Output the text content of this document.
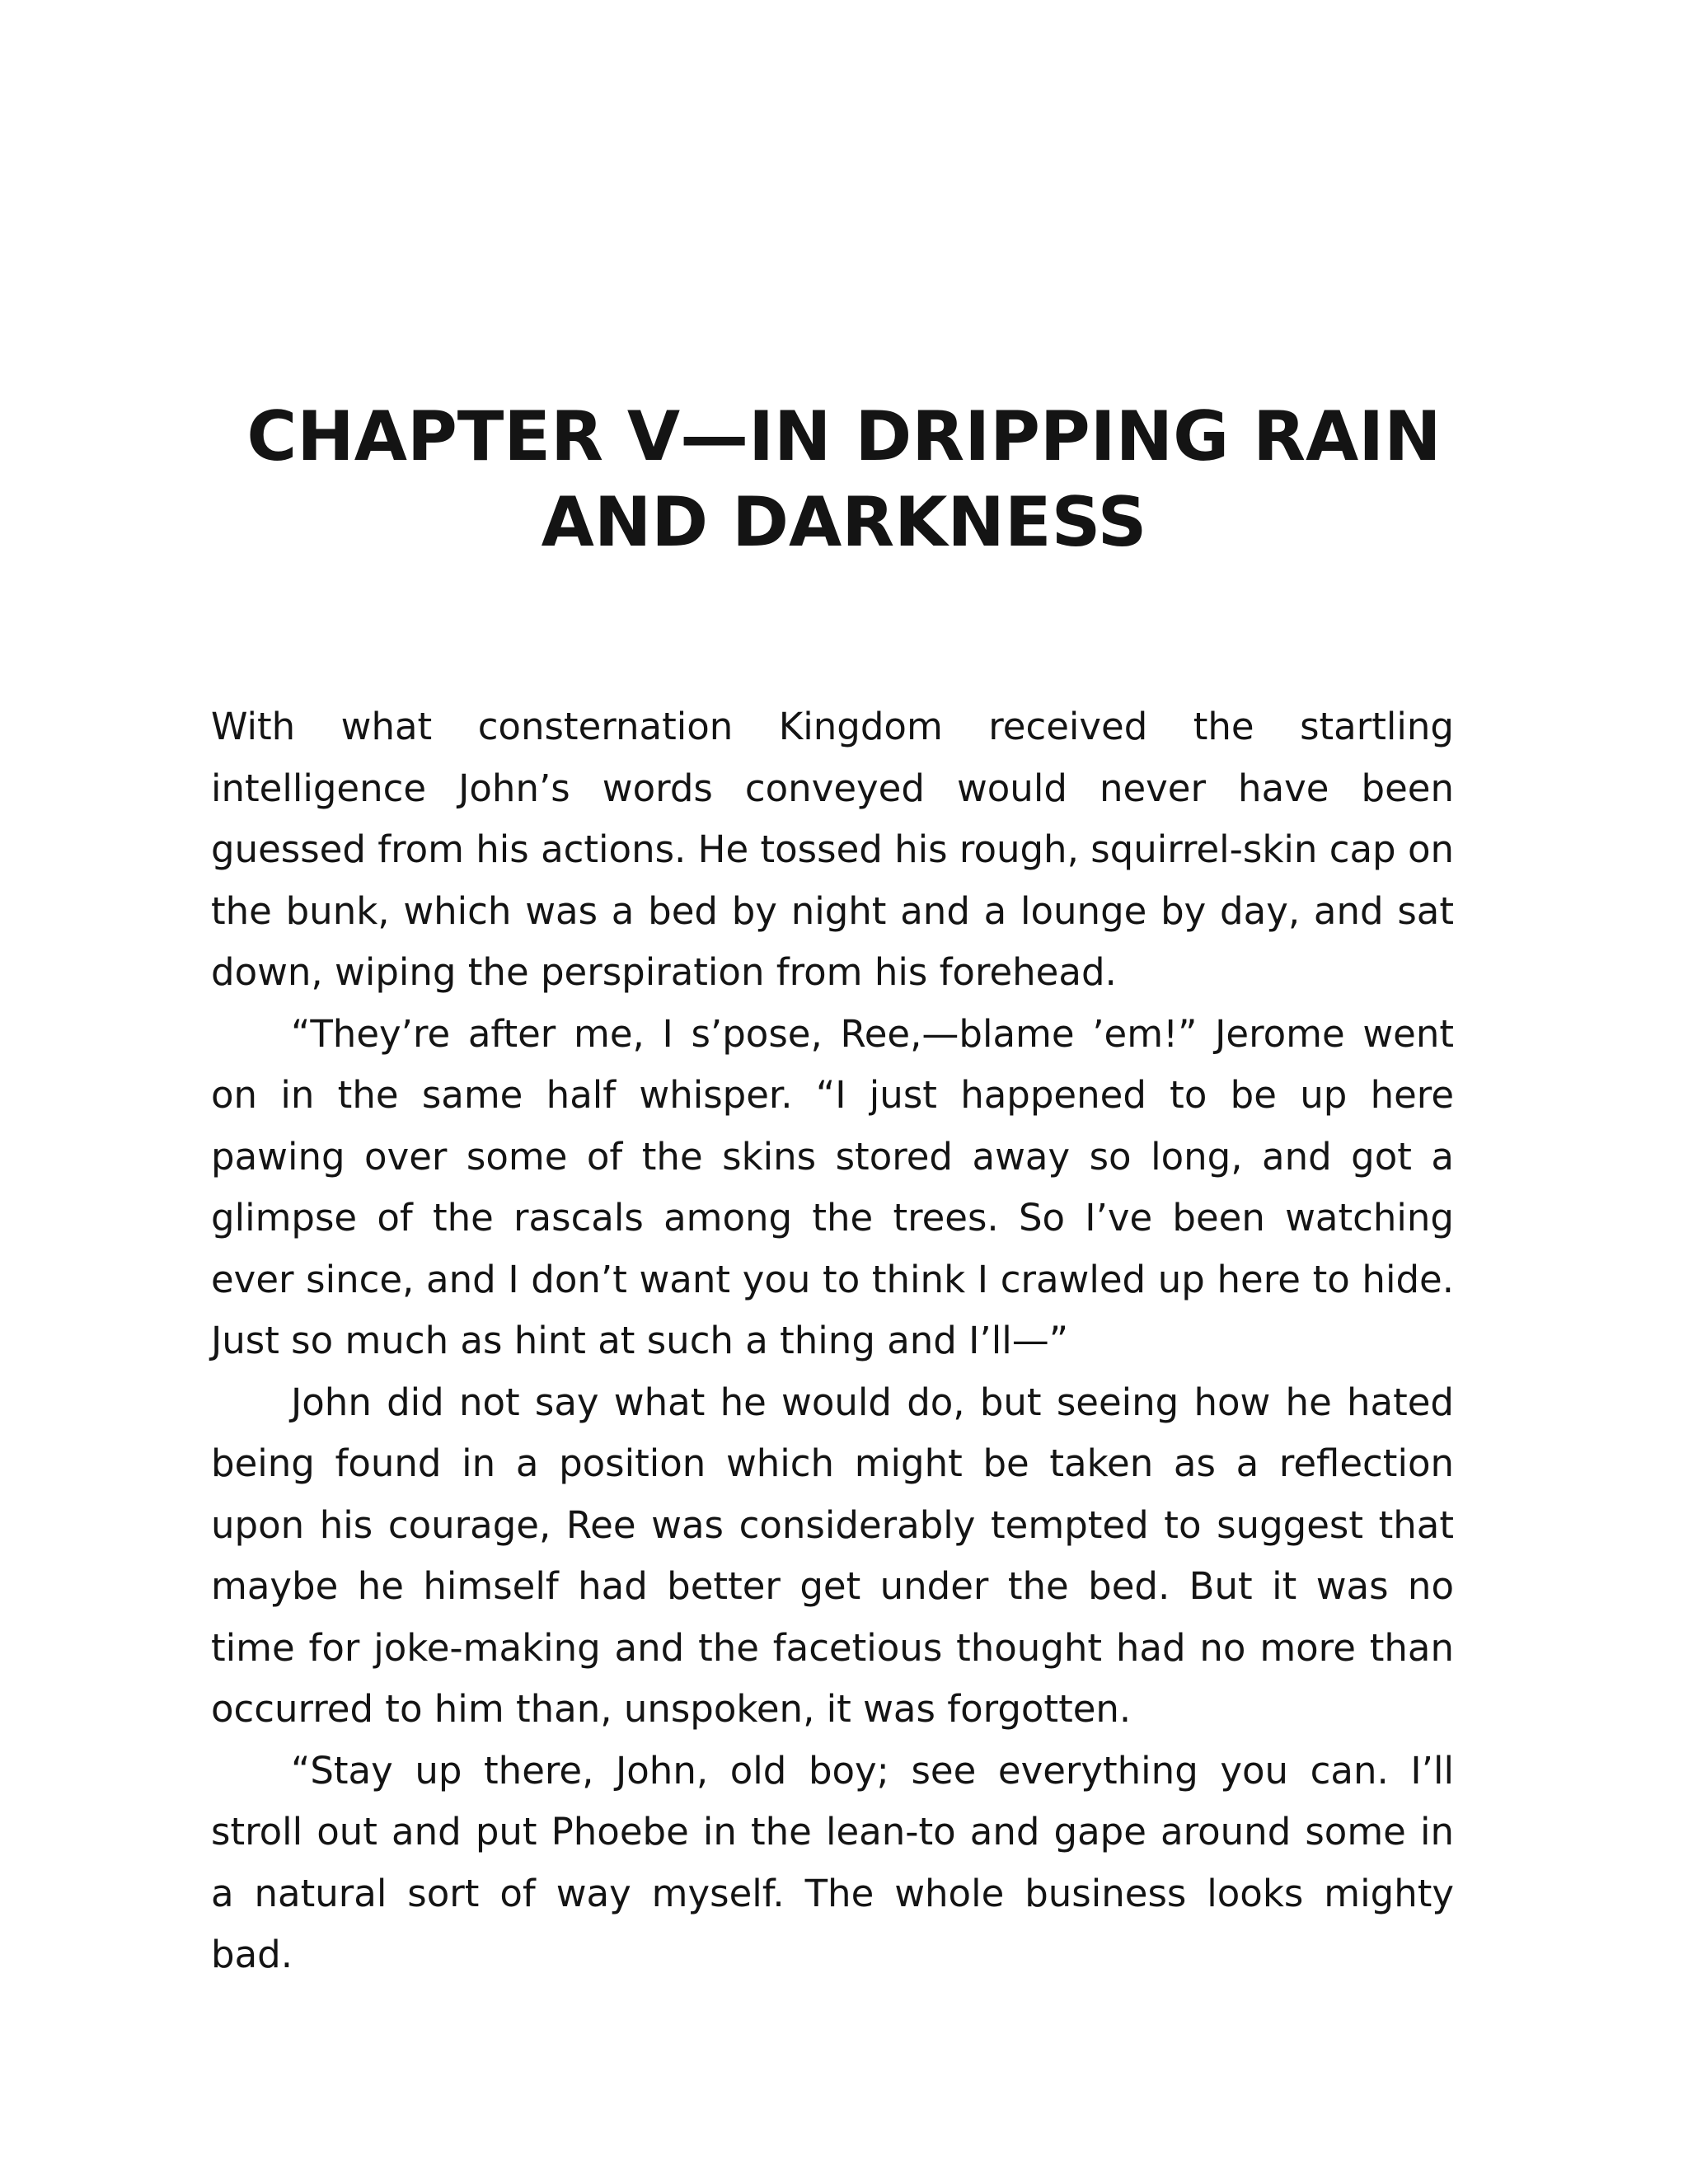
CHAPTER V—IN DRIPPING RAIN
AND DARKNESS

With what consternation Kingdom received the startling intelligence John’s words conveyed would never have been guessed from his actions. He tossed his rough, squirrel-skin cap on the bunk, which was a bed by night and a lounge by day, and sat down, wiping the perspiration from his forehead.

“They’re after me, I s’pose, Ree,—blame ’em!” Jerome went on in the same half whisper. “I just happened to be up here pawing over some of the skins stored away so long, and got a glimpse of the rascals among the trees. So I’ve been watching ever since, and I don’t want you to think I crawled up here to hide. Just so much as hint at such a thing and I’ll—”

John did not say what he would do, but seeing how he hated being found in a position which might be taken as a reflection upon his courage, Ree was considerably tempted to suggest that maybe he himself had better get under the bed. But it was no time for joke-making and the facetious thought had no more than occurred to him than, unspoken, it was forgotten.

“Stay up there, John, old boy; see everything you can. I’ll stroll out and put Phoebe in the lean-to and gape around some in a natural sort of way myself. The whole business looks mighty bad.
